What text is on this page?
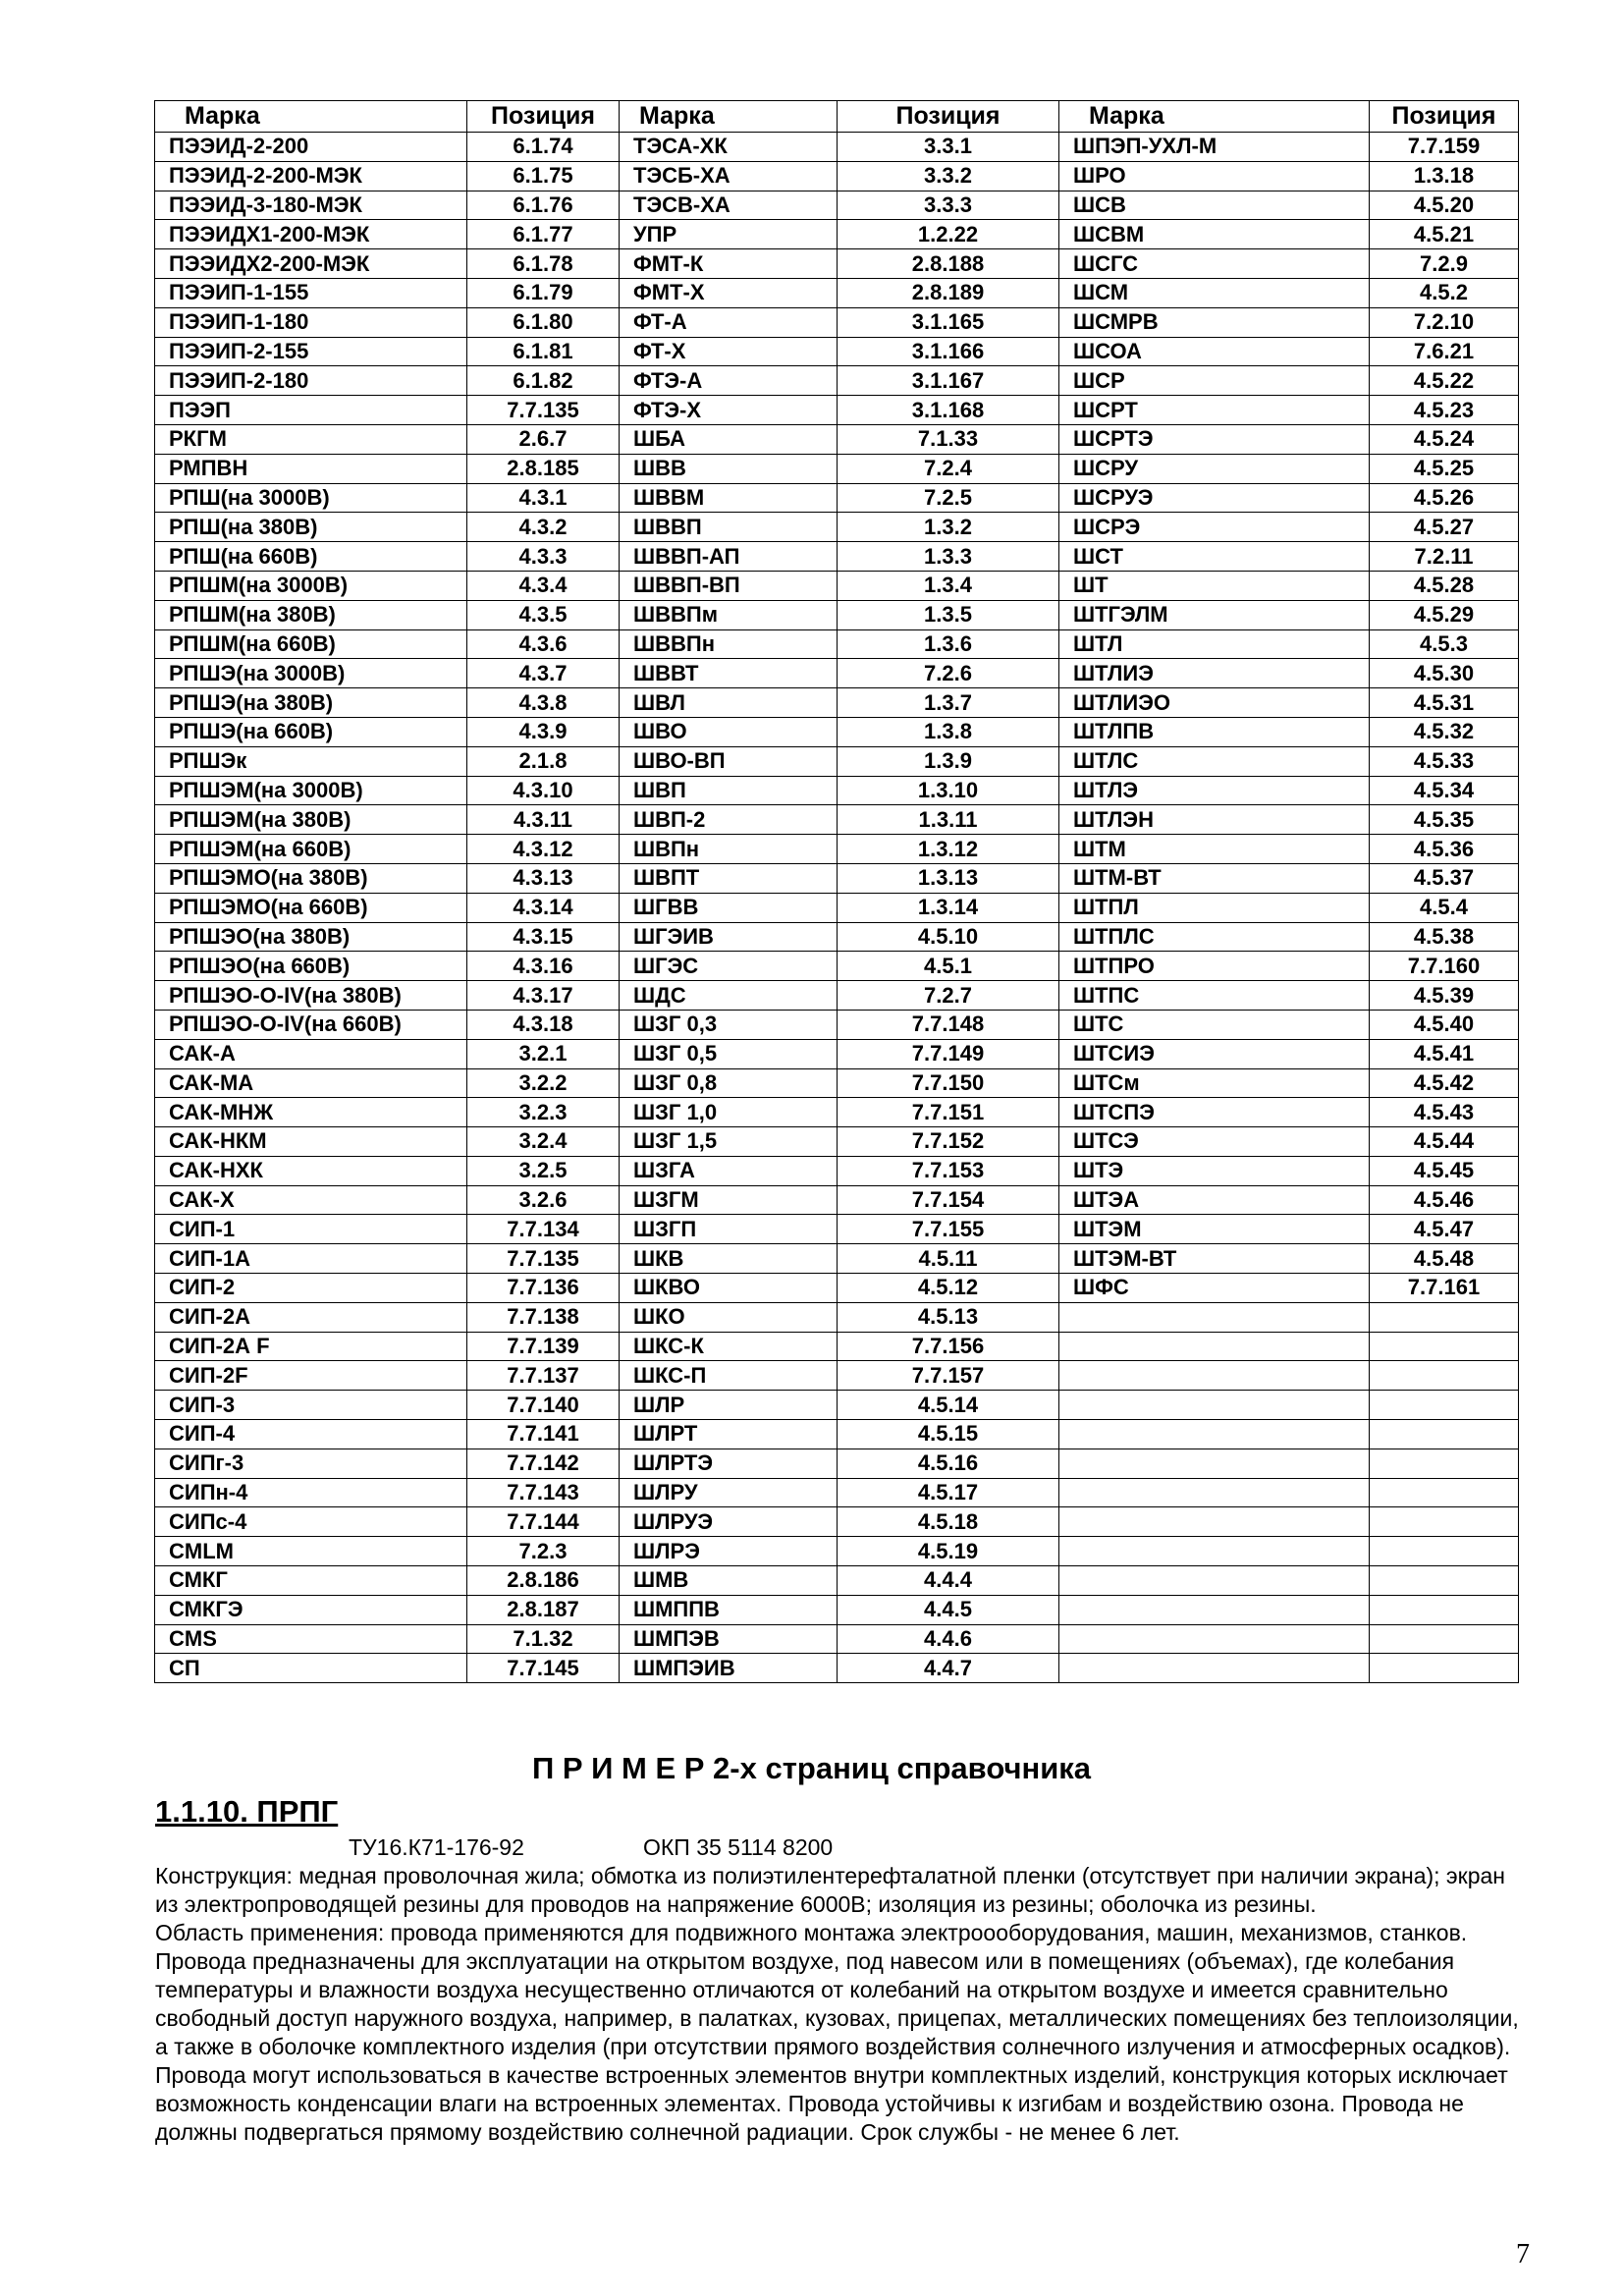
Марка	Позиция	Марка	Позиция	Марка	Позиция
ПЭЭИД-2-200	6.1.74	ТЭСА-ХК	3.3.1	ШПЭП-УХЛ-М	7.7.159
ПЭЭИД-2-200-МЭК	6.1.75	ТЭСБ-ХА	3.3.2	ШРО	1.3.18
ПЭЭИД-3-180-МЭК	6.1.76	ТЭСВ-ХА	3.3.3	ШСВ	4.5.20
ПЭЭИДХ1-200-МЭК	6.1.77	УПР	1.2.22	ШСВМ	4.5.21
ПЭЭИДХ2-200-МЭК	6.1.78	ФМТ-К	2.8.188	ШСГС	7.2.9
ПЭЭИП-1-155	6.1.79	ФМТ-Х	2.8.189	ШСМ	4.5.2
ПЭЭИП-1-180	6.1.80	ФТ-А	3.1.165	ШСМРВ	7.2.10
ПЭЭИП-2-155	6.1.81	ФТ-Х	3.1.166	ШСОА	7.6.21
ПЭЭИП-2-180	6.1.82	ФТЭ-А	3.1.167	ШСР	4.5.22
ПЭЭП	7.7.135	ФТЭ-Х	3.1.168	ШСРТ	4.5.23
РКГМ	2.6.7	ШБА	7.1.33	ШСРТЭ	4.5.24
РМПВН	2.8.185	ШВВ	7.2.4	ШСРУ	4.5.25
РПШ(на 3000В)	4.3.1	ШВВМ	7.2.5	ШСРУЭ	4.5.26
РПШ(на 380В)	4.3.2	ШВВП	1.3.2	ШСРЭ	4.5.27
РПШ(на 660В)	4.3.3	ШВВП-АП	1.3.3	ШСТ	7.2.11
РПШМ(на 3000В)	4.3.4	ШВВП-ВП	1.3.4	ШТ	4.5.28
РПШМ(на 380В)	4.3.5	ШВВПм	1.3.5	ШТГЭЛМ	4.5.29
РПШМ(на 660В)	4.3.6	ШВВПн	1.3.6	ШТЛ	4.5.3
РПШЭ(на 3000В)	4.3.7	ШВВТ	7.2.6	ШТЛИЭ	4.5.30
РПШЭ(на 380В)	4.3.8	ШВЛ	1.3.7	ШТЛИЭО	4.5.31
РПШЭ(на 660В)	4.3.9	ШВО	1.3.8	ШТЛПВ	4.5.32
РПШЭк	2.1.8	ШВО-ВП	1.3.9	ШТЛС	4.5.33
РПШЭМ(на 3000В)	4.3.10	ШВП	1.3.10	ШТЛЭ	4.5.34
РПШЭМ(на 380В)	4.3.11	ШВП-2	1.3.11	ШТЛЭН	4.5.35
РПШЭМ(на 660В)	4.3.12	ШВПн	1.3.12	ШТМ	4.5.36
РПШЭМО(на 380В)	4.3.13	ШВПТ	1.3.13	ШТМ-ВТ	4.5.37
РПШЭМО(на 660В)	4.3.14	ШГВВ	1.3.14	ШТПЛ	4.5.4
РПШЭО(на 380В)	4.3.15	ШГЭИВ	4.5.10	ШТПЛС	4.5.38
РПШЭО(на 660В)	4.3.16	ШГЭС	4.5.1	ШТПРО	7.7.160
РПШЭО-О-IV(на 380В)	4.3.17	ШДС	7.2.7	ШТПС	4.5.39
РПШЭО-О-IV(на 660В)	4.3.18	ШЗГ 0,3	7.7.148	ШТС	4.5.40
САК-А	3.2.1	ШЗГ 0,5	7.7.149	ШТСИЭ	4.5.41
САК-МА	3.2.2	ШЗГ 0,8	7.7.150	ШТСм	4.5.42
САК-МНЖ	3.2.3	ШЗГ 1,0	7.7.151	ШТСПЭ	4.5.43
САК-НКМ	3.2.4	ШЗГ 1,5	7.7.152	ШТСЭ	4.5.44
САК-НХК	3.2.5	ШЗГА	7.7.153	ШТЭ	4.5.45
САК-Х	3.2.6	ШЗГМ	7.7.154	ШТЭА	4.5.46
СИП-1	7.7.134	ШЗГП	7.7.155	ШТЭМ	4.5.47
СИП-1А	7.7.135	ШКВ	4.5.11	ШТЭМ-ВТ	4.5.48
СИП-2	7.7.136	ШКВО	4.5.12	ШФС	7.7.161
СИП-2А	7.7.138	ШКО	4.5.13		
СИП-2А F	7.7.139	ШКС-К	7.7.156		
СИП-2F	7.7.137	ШКС-П	7.7.157		
СИП-3	7.7.140	ШЛР	4.5.14		
СИП-4	7.7.141	ШЛРТ	4.5.15		
СИПг-3	7.7.142	ШЛРТЭ	4.5.16		
СИПн-4	7.7.143	ШЛРУ	4.5.17		
СИПс-4	7.7.144	ШЛРУЭ	4.5.18		
CMLM	7.2.3	ШЛРЭ	4.5.19		
СМКГ	2.8.186	ШМВ	4.4.4		
СМКГЭ	2.8.187	ШМППВ	4.4.5		
CMS	7.1.32	ШМПЭВ	4.4.6		
СП	7.7.145	ШМПЭИВ	4.4.7		
П Р И М Е Р 2-х страниц справочника
1.1.10. ПРПГ
ТУ16.К71-176-92	ОКП 35 5114 8200

Конструкция: медная проволочная жила; обмотка из полиэтилентерефталатной пленки (отсутствует при наличии экрана); экран из электропроводящей резины для проводов на напряжение 6000В; изоляция из резины; оболочка из резины.

Область применения: провода применяются для подвижного монтажа электроооборудования, машин, механизмов, станков. Провода предназначены для эксплуатации на открытом воздухе, под навесом или в помещениях (объемах), где колебания температуры и влажности воздуха несущественно отличаются от колебаний на открытом воздухе и имеется сравнительно свободный доступ наружного воздуха, например, в палатках, кузовах, прицепах, металлических помещениях без теплоизоляции, а также в оболочке комплектного изделия (при отсутствии прямого воздействия солнечного излучения и атмосферных осадков). Провода могут использоваться в качестве встроенных элементов внутри комплектных изделий, конструкция которых исключает возможность конденсации влаги на встроенных элементах. Провода устойчивы к изгибам и воздействию озона. Провода не должны подвергаться прямому воздействию солнечной радиации. Срок службы - не менее 6 лет.

7
